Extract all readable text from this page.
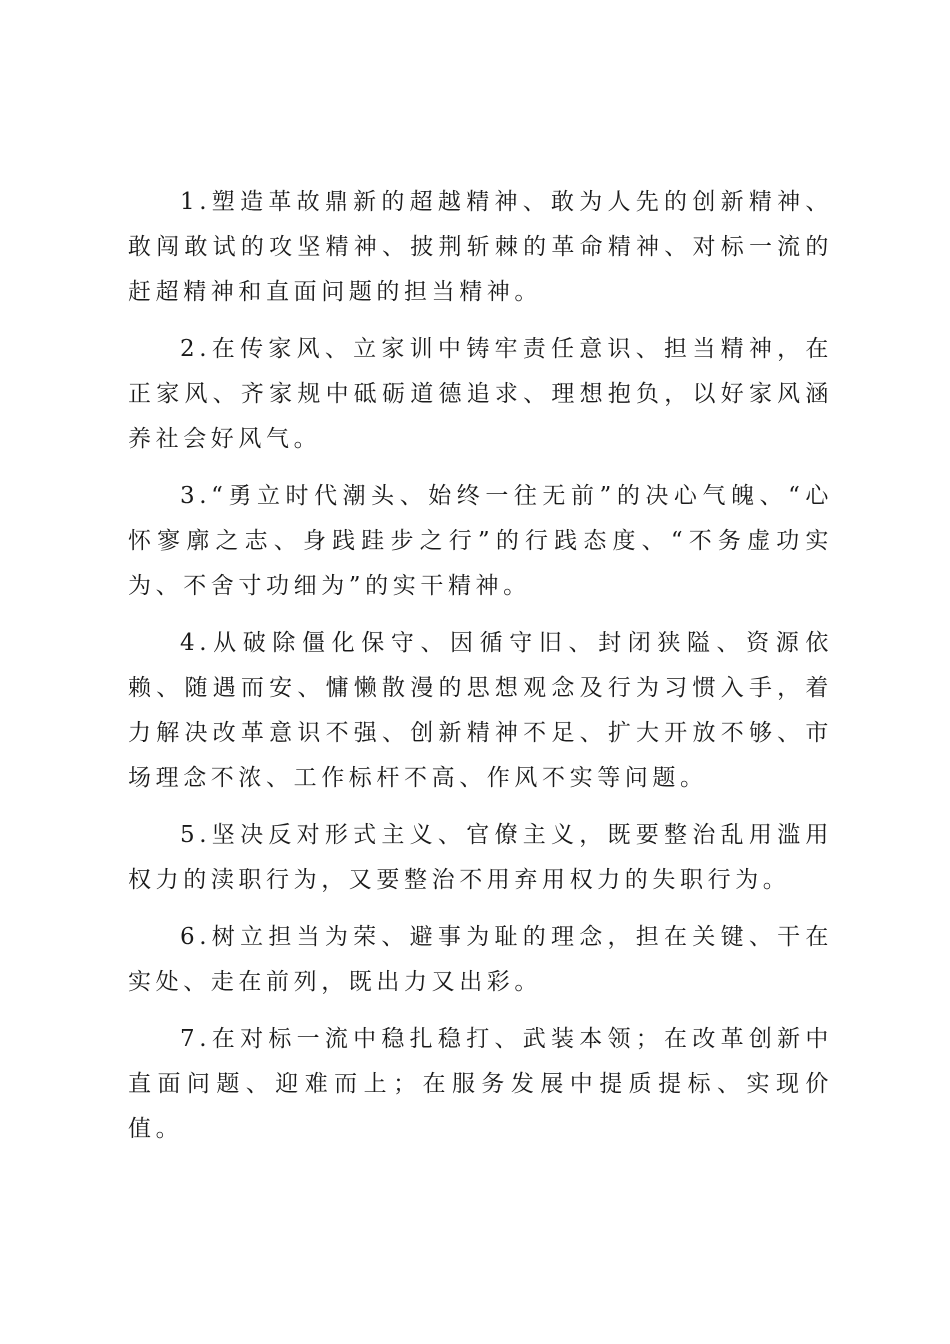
1.塑造革故鼎新的超越精神、敢为人先的创新精神、敢闯敢试的攻坚精神、披荆斩棘的革命精神、对标一流的赶超精神和直面问题的担当精神。

2.在传家风、立家训中铸牢责任意识、担当精神，在正家风、齐家规中砥砺道德追求、理想抱负，以好家风涵养社会好风气。

3.“勇立时代潮头、始终一往无前”的决心气魄、“心怀寥廓之志、身践跬步之行”的行践态度、“不务虚功实为、不舍寸功细为”的实干精神。

4.从破除僵化保守、因循守旧、封闭狭隘、资源依赖、随遇而安、慵懒散漫的思想观念及行为习惯入手，着力解决改革意识不强、创新精神不足、扩大开放不够、市场理念不浓、工作标杆不高、作风不实等问题。

5.坚决反对形式主义、官僚主义，既要整治乱用滥用权力的渎职行为，又要整治不用弃用权力的失职行为。

6.树立担当为荣、避事为耻的理念，担在关键、干在实处、走在前列，既出力又出彩。

7.在对标一流中稳扎稳打、武装本领；在改革创新中直面问题、迎难而上；在服务发展中提质提标、实现价值。
